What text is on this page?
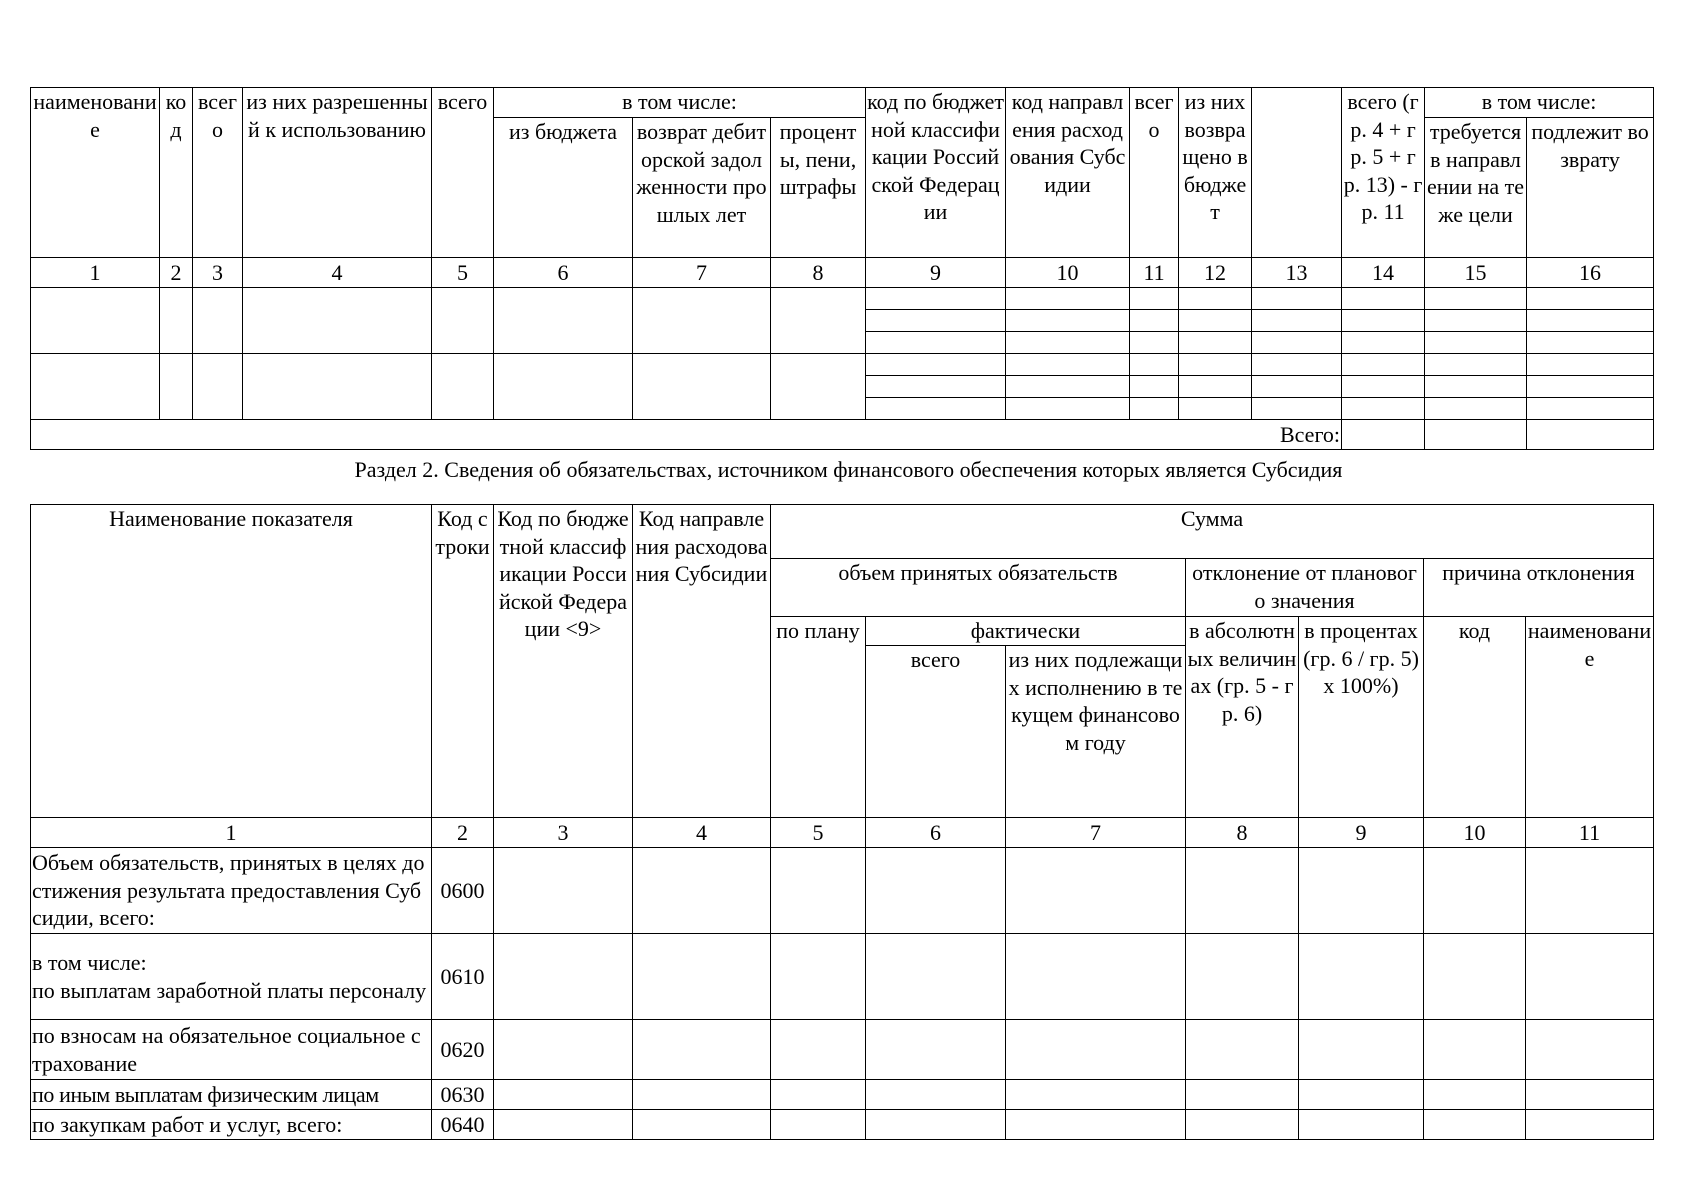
наименование	код	всего	из них разрешенный к использованию	всего	в том числе:			код по бюджетной классификации Российской Федерации	код направления расходования Субсидии	всего	из них возвращено в бюджет		всего (гр. 4 + гр. 5 + гр. 13) - гр. 11	в том числе:	
					из бюджета	возврат дебиторской задолженности прошлых лет	проценты, пени, штрафы							требуется в направлении на те же цели	подлежит возврату
1	2	3	4	5	6	7	8	9	10	11	12	13	14	15	16

Всего:															
Раздел 2. Сведения об обязательствах, источником финансового обеспечения которых является Субсидия
Наименование показателя	Код строки	Код по бюджетной классификации Российской Федерации <9>	Код направления расходования Субсидии	Сумма						
				объем принятых обязательств			отклонение от планового значения		причина отклонения	
				по плану	фактически		в абсолютных величинах (гр. 5 - гр. 6)	в процентах (гр. 6 / гр. 5) x 100%)	код	наименование
					всего	из них подлежащих исполнению в текущем финансовом году				
1	2	3	4	5	6	7	8	9	10	11
Объем обязательств, принятых в целях достижения результата предоставления Субсидии, всего:	0600									
в том числе:
по выплатам заработной платы персоналу	0610									
по взносам на обязательное социальное страхование	0620									
по иным выплатам физическим лицам	0630									
по закупкам работ и услуг, всего:	0640									
